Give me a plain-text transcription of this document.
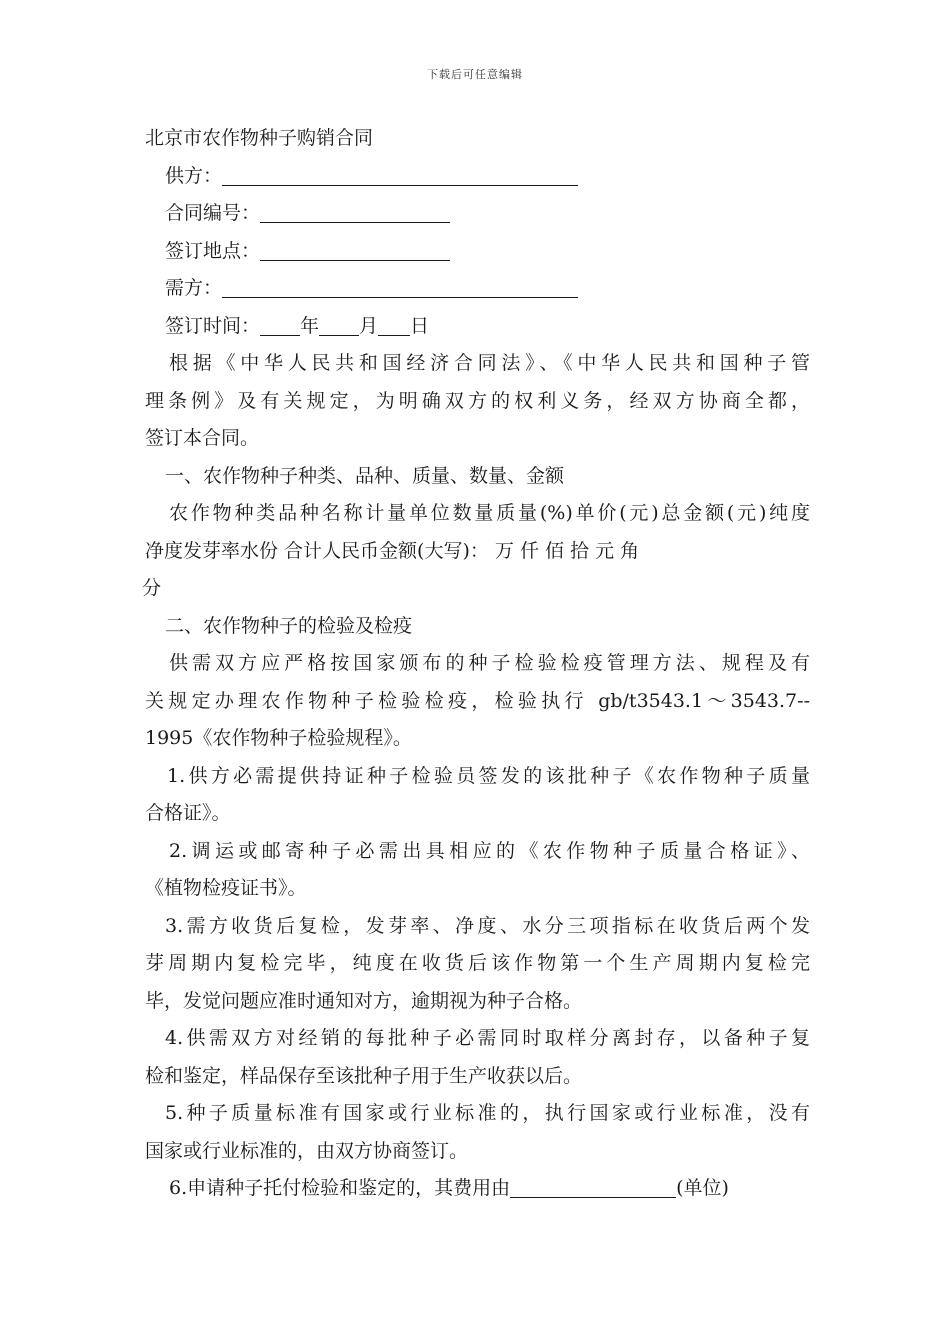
下载后可任意编辑
北京市农作物种子购销合同
供方：
合同编号：
签订地点：
需方：
签订时间： 年 月 日
根据《中华人民共和国经济合同法》、《中华人民共和国种子管
理条例》及有关规定，为明确双方的权利义务，经双方协商全都，
签订本合同。
一、农作物种子种类、品种、质量、数量、金额
农作物种类品种名称计量单位数量质量(%)单价(元)总金额(元)纯度
净度发芽率水份 合计人民币金额(大写)： 万 仟 佰 拾 元 角
分
二、农作物种子的检验及检疫
供需双方应严格按国家颁布的种子检验检疫管理方法、规程及有
关规定办理农作物种子检验检疫，检验执行 gb/t3543.1～3543.7--
1995《农作物种子检验规程》。
1.供方必需提供持证种子检验员签发的该批种子《农作物种子质量
合格证》。
2.调运或邮寄种子必需出具相应的《农作物种子质量合格证》、
《植物检疫证书》。
3.需方收货后复检，发芽率、净度、水分三项指标在收货后两个发
芽周期内复检完毕，纯度在收货后该作物第一个生产周期内复检完
毕，发觉问题应准时通知对方，逾期视为种子合格。
4.供需双方对经销的每批种子必需同时取样分离封存，以备种子复
检和鉴定，样品保存至该批种子用于生产收获以后。
5.种子质量标准有国家或行业标准的，执行国家或行业标准，没有
国家或行业标准的，由双方协商签订。
6.申请种子托付检验和鉴定的，其费用由	(单位)
